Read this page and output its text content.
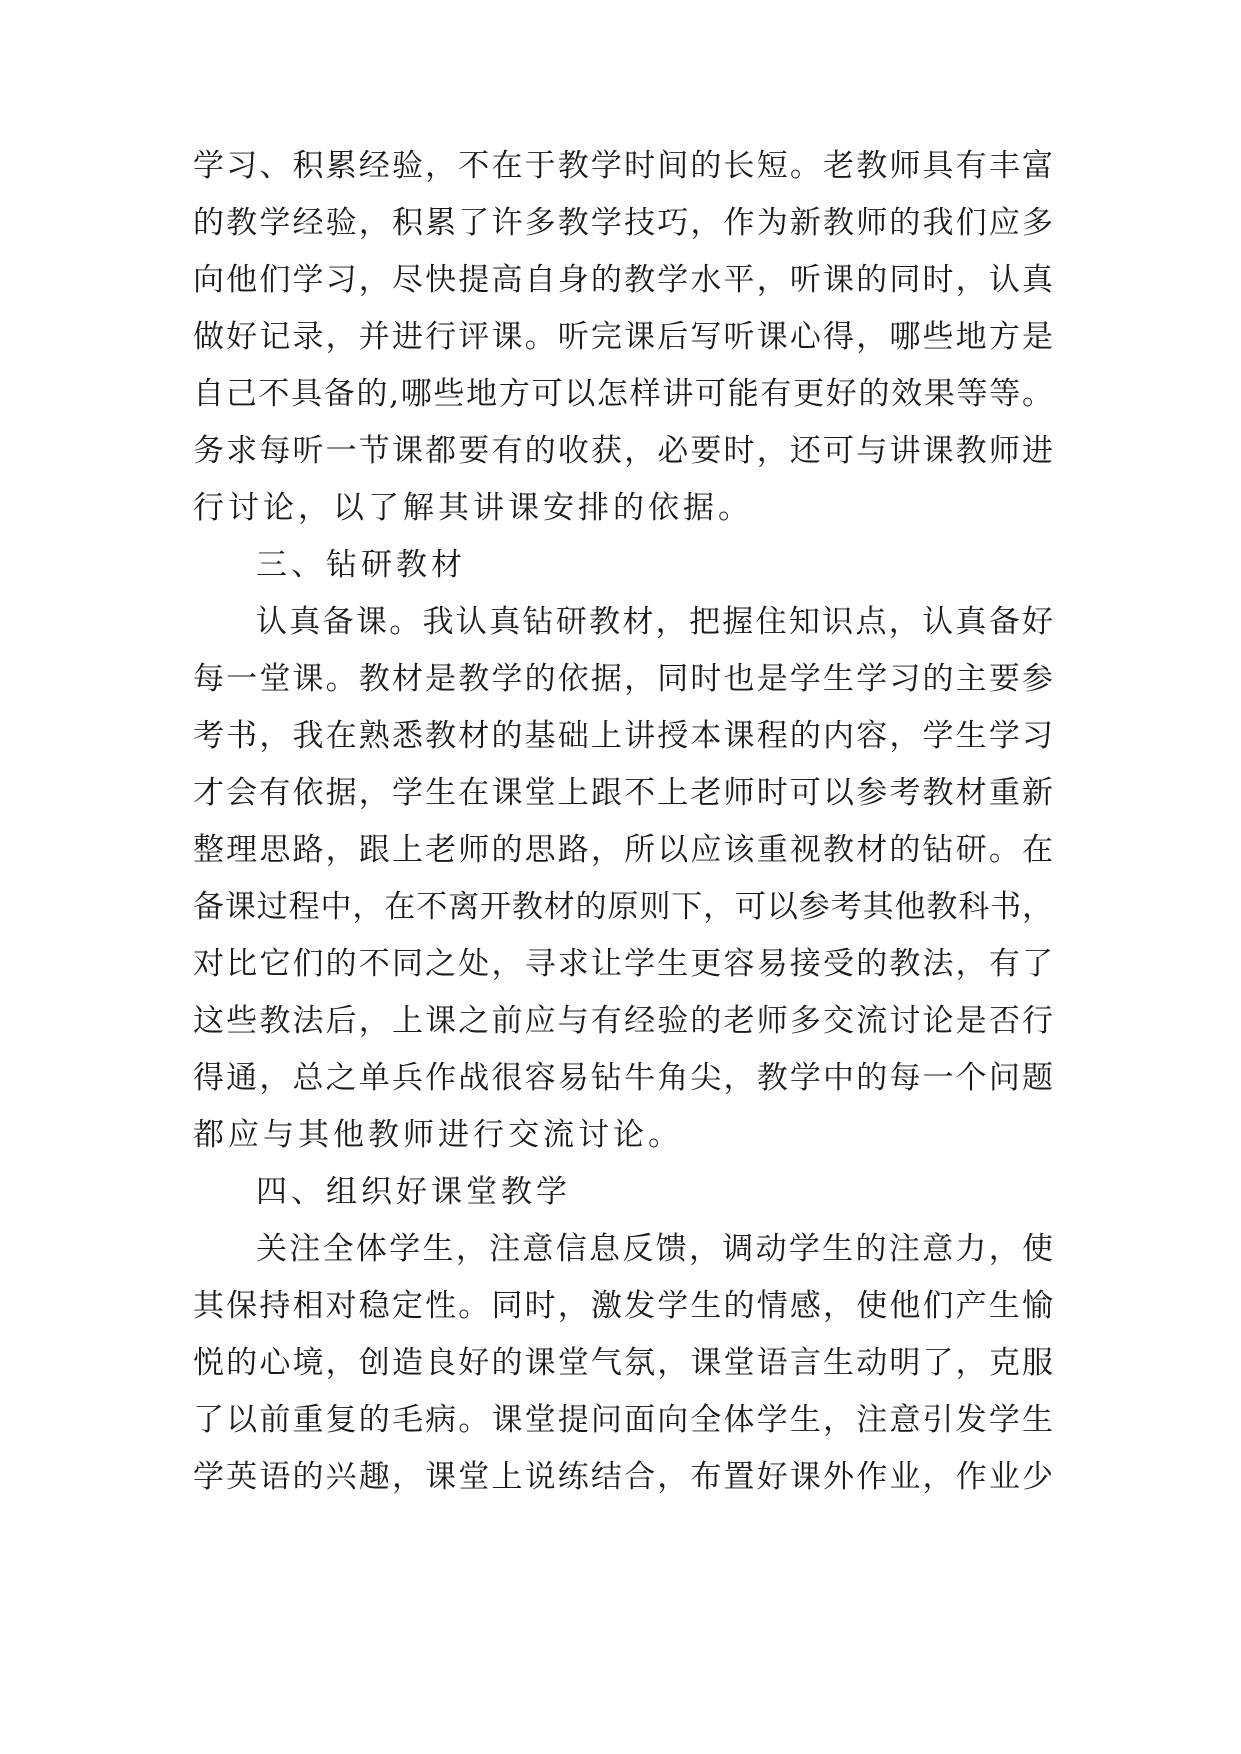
学习、积累经验，不在于教学时间的长短。老教师具有丰富
的教学经验，积累了许多教学技巧，作为新教师的我们应多
向他们学习，尽快提高自身的教学水平，听课的同时，认真
做好记录，并进行评课。听完课后写听课心得，哪些地方是
自己不具备的,哪些地方可以怎样讲可能有更好的效果等等。
务求每听一节课都要有的收获，必要时，还可与讲课教师进
行讨论，以了解其讲课安排的依据。
三、钻研教材
认真备课。我认真钻研教材，把握住知识点，认真备好
每一堂课。教材是教学的依据，同时也是学生学习的主要参
考书，我在熟悉教材的基础上讲授本课程的内容，学生学习
才会有依据，学生在课堂上跟不上老师时可以参考教材重新
整理思路，跟上老师的思路，所以应该重视教材的钻研。在
备课过程中，在不离开教材的原则下，可以参考其他教科书，
对比它们的不同之处，寻求让学生更容易接受的教法，有了
这些教法后，上课之前应与有经验的老师多交流讨论是否行
得通，总之单兵作战很容易钻牛角尖，教学中的每一个问题
都应与其他教师进行交流讨论。
四、组织好课堂教学
关注全体学生，注意信息反馈，调动学生的注意力，使
其保持相对稳定性。同时，激发学生的情感，使他们产生愉
悦的心境，创造良好的课堂气氛，课堂语言生动明了，克服
了以前重复的毛病。课堂提问面向全体学生，注意引发学生
学英语的兴趣，课堂上说练结合，布置好课外作业，作业少
